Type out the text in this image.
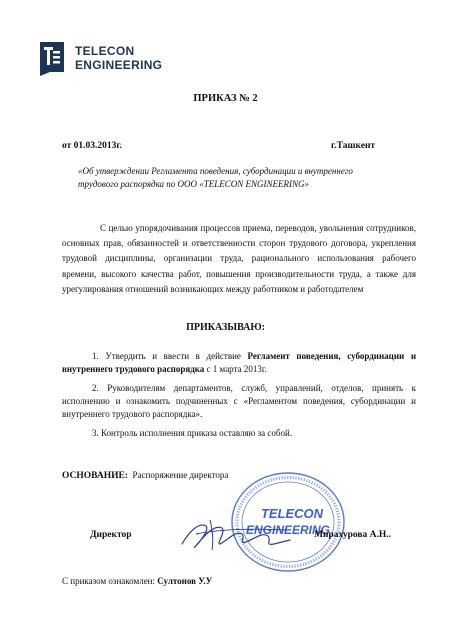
TELECON
ENGINEERING
ПРИКАЗ № 2
от 01.03.2013г.	г.Ташкент
«Об утверждении Регламента поведения, субординации и внутреннего трудового распорядка по ООО «TELECON ENGINEERING»
С целью упорядочивания процессов приема, переводов, увольнения сотрудников, основных прав, обязанностей и ответственности сторон трудового договора, укрепления трудовой дисциплины, организации труда, рационального использования рабочего времени, высокого качества работ, повышения производительности труда, а также для урегулирования отношений возникающих между работником и работодателем
ПРИКАЗЫВАЮ:

1. Утвердить и ввести в действие Регламент поведения, субординации и внутреннего трудового распорядка с 1 марта 2013г.

2. Руководителям департаментов, служб, управлений, отделов, принять к исполнению и ознакомить подчиненных с «Регламентом поведения, субординации и внутреннего трудового распорядка».

3. Контроль исполнения приказа оставляю за собой.

ОСНОВАНИЕ: Распоряжение директора
TELECON
ENGINEERING
Директор	Мирахурова А.Н..
С приказом ознакомлен: Султонов У.У
